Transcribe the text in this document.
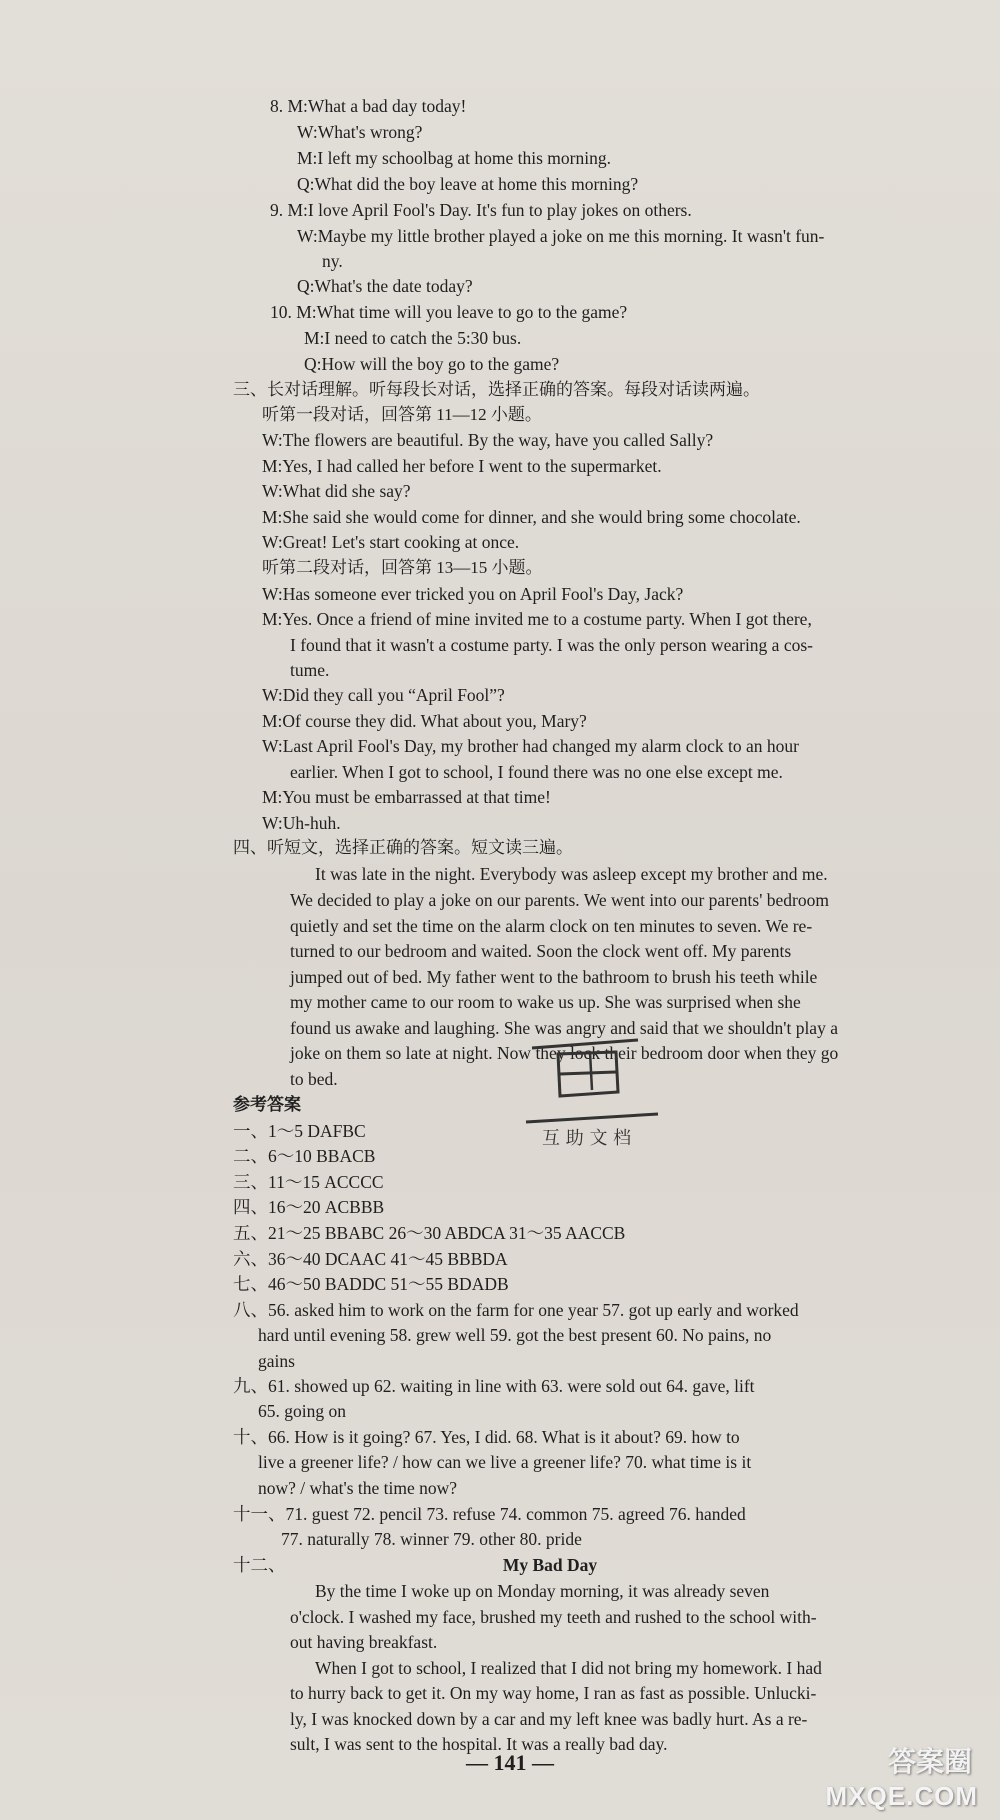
8. M:What a bad day today!
W:What's wrong?
M:I left my schoolbag at home this morning.
Q:What did the boy leave at home this morning?
9. M:I love April Fool's Day. It's fun to play jokes on others.
W:Maybe my little brother played a joke on me this morning. It wasn't fun-
ny.
Q:What's the date today?
10. M:What time will you leave to go to the game?
M:I need to catch the 5:30 bus.
Q:How will the boy go to the game?
三、长对话理解。听每段长对话，选择正确的答案。每段对话读两遍。
听第一段对话，回答第 11—12 小题。
W:The flowers are beautiful. By the way, have you called Sally?
M:Yes, I had called her before I went to the supermarket.
W:What did she say?
M:She said she would come for dinner, and she would bring some chocolate.
W:Great! Let's start cooking at once.
听第二段对话，回答第 13—15 小题。
W:Has someone ever tricked you on April Fool's Day, Jack?
M:Yes. Once a friend of mine invited me to a costume party. When I got there,
I found that it wasn't a costume party. I was the only person wearing a cos-
tume.
W:Did they call you “April Fool”?
M:Of course they did. What about you, Mary?
W:Last April Fool's Day, my brother had changed my alarm clock to an hour
earlier. When I got to school, I found there was no one else except me.
M:You must be embarrassed at that time!
W:Uh-huh.
四、听短文，选择正确的答案。短文读三遍。
It was late in the night. Everybody was asleep except my brother and me.
We decided to play a joke on our parents. We went into our parents' bedroom
quietly and set the time on the alarm clock on ten minutes to seven. We re-
turned to our bedroom and waited. Soon the clock went off. My parents
jumped out of bed. My father went to the bathroom to brush his teeth while
my mother came to our room to wake us up. She was surprised when she
found us awake and laughing. She was angry and said that we shouldn't play a
joke on them so late at night. Now they lock their bedroom door when they go
to bed.
参考答案
一、1～5 DAFBC
二、6～10 BBACB
三、11～15 ACCCC
四、16～20 ACBBB
五、21～25 BBABC 26～30 ABDCA 31～35 AACCB
六、36～40 DCAAC 41～45 BBBDA
七、46～50 BADDC 51～55 BDADB
八、56. asked him to work on the farm for one year 57. got up early and worked
hard until evening 58. grew well 59. got the best present 60. No pains, no
gains
九、61. showed up 62. waiting in line with 63. were sold out 64. gave, lift
65. going on
十、66. How is it going? 67. Yes, I did. 68. What is it about? 69. how to
live a greener life? / how can we live a greener life? 70. what time is it
now? / what's the time now?
十一、71. guest 72. pencil 73. refuse 74. common 75. agreed 76. handed
77. naturally 78. winner 79. other 80. pride
十二、
By the time I woke up on Monday morning, it was already seven
o'clock. I washed my face, brushed my teeth and rushed to the school with-
out having breakfast.
When I got to school, I realized that I did not bring my homework. I had
to hurry back to get it. On my way home, I ran as fast as possible. Unlucki-
ly, I was knocked down by a car and my left knee was badly hurt. As a re-
sult, I was sent to the hospital. It was a really bad day.
My Bad Day
— 141 —
互 助 文 档
答案圈
MXQE.COM
